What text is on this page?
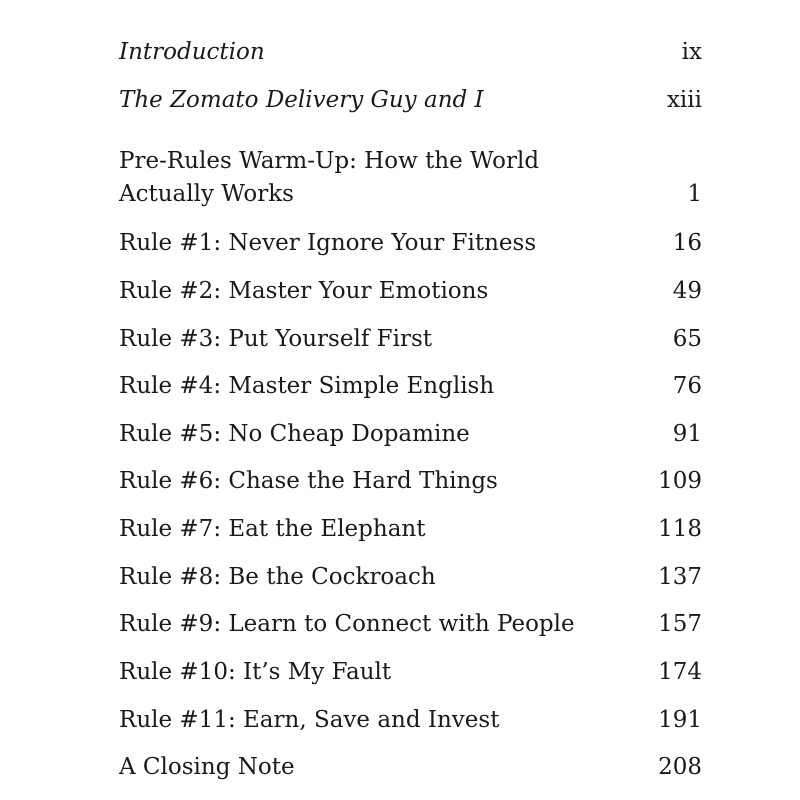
Introduction	ix
The Zomato Delivery Guy and I	xiii
Pre-Rules Warm-Up: How the World Actually Works	1
Rule #1: Never Ignore Your Fitness	16
Rule #2: Master Your Emotions	49
Rule #3: Put Yourself First	65
Rule #4: Master Simple English	76
Rule #5: No Cheap Dopamine	91
Rule #6: Chase the Hard Things	109
Rule #7: Eat the Elephant	118
Rule #8: Be the Cockroach	137
Rule #9: Learn to Connect with People	157
Rule #10: It’s My Fault	174
Rule #11: Earn, Save and Invest	191
A Closing Note	208
